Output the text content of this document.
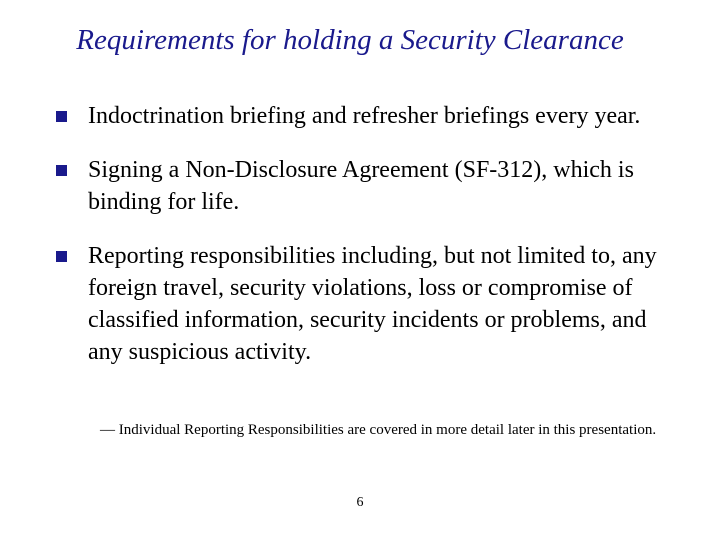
Requirements for holding a Security Clearance
Indoctrination briefing and refresher briefings every year.
Signing a Non-Disclosure Agreement (SF-312), which is binding for life.
Reporting responsibilities including, but not limited to, any foreign travel, security violations, loss or compromise of classified information, security incidents or problems, and any suspicious activity.
— Individual Reporting Responsibilities are covered in more detail later in this presentation.
6
